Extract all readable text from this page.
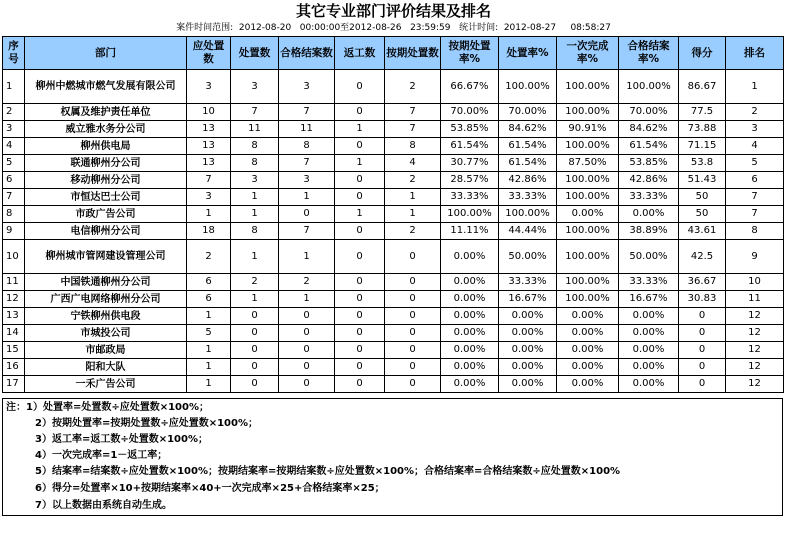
其它专业部门评价结果及排名
案件时间范围:  2012-08-20   00:00:00至2012-08-26   23:59:59   统计时间:  2012-08-27     08:58:27
序号	部门	应处置数	处置数	合格结案数	返工数	按期处置数	按期处置率%	处置率%	一次完成率%	合格结案率%	得分	排名
1	柳州中燃城市燃气发展有限公司	3	3	3	0	2	66.67%	100.00%	100.00%	100.00%	86.67	1
2	权属及维护责任单位	10	7	7	0	7	70.00%	70.00%	100.00%	70.00%	77.5	2
3	威立雅水务分公司	13	11	11	1	7	53.85%	84.62%	90.91%	84.62%	73.88	3
4	柳州供电局	13	8	8	0	8	61.54%	61.54%	100.00%	61.54%	71.15	4
5	联通柳州分公司	13	8	7	1	4	30.77%	61.54%	87.50%	53.85%	53.8	5
6	移动柳州分公司	7	3	3	0	2	28.57%	42.86%	100.00%	42.86%	51.43	6
7	市恒达巴士公司	3	1	1	0	1	33.33%	33.33%	100.00%	33.33%	50	7
8	市政广告公司	1	1	0	1	1	100.00%	100.00%	0.00%	0.00%	50	7
9	电信柳州分公司	18	8	7	0	2	11.11%	44.44%	100.00%	38.89%	43.61	8
10	柳州城市管网建设管理公司	2	1	1	0	0	0.00%	50.00%	100.00%	50.00%	42.5	9
11	中国铁通柳州分公司	6	2	2	0	0	0.00%	33.33%	100.00%	33.33%	36.67	10
12	广西广电网络柳州分公司	6	1	1	0	0	0.00%	16.67%	100.00%	16.67%	30.83	11
13	宁铁柳州供电段	1	0	0	0	0	0.00%	0.00%	0.00%	0.00%	0	12
14	市城投公司	5	0	0	0	0	0.00%	0.00%	0.00%	0.00%	0	12
15	市邮政局	1	0	0	0	0	0.00%	0.00%	0.00%	0.00%	0	12
16	阳和大队	1	0	0	0	0	0.00%	0.00%	0.00%	0.00%	0	12
17	一禾广告公司	1	0	0	0	0	0.00%	0.00%	0.00%	0.00%	0	12
注：1）处置率=处置数÷应处置数×100%；
2）按期处置率=按期处置数÷应处置数×100%；
3）返工率=返工数÷处置数×100%；
4）一次完成率=1－返工率；
5）结案率=结案数÷应处置数×100%；按期结案率=按期结案数÷应处置数×100%；合格结案率=合格结案数÷应处置数×100%
6）得分=处置率×10+按期结案率×40+一次完成率×25+合格结案率×25；
7）以上数据由系统自动生成。
